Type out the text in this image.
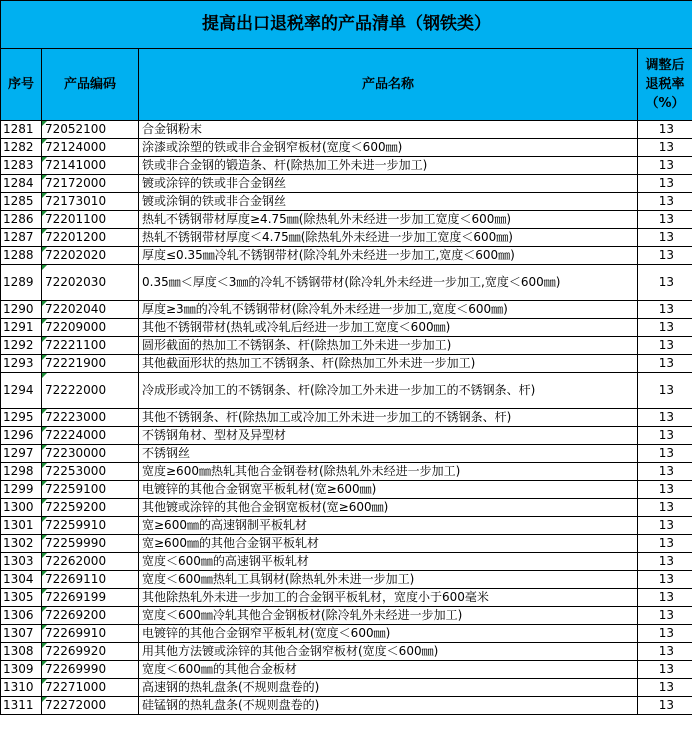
提高出口退税率的产品清单（钢铁类）			
序号	产品编码	产品名称	调整后
退税率
（%）

1281	72052100	合金钢粉末	13
1282	72124000	涂漆或涂塑的铁或非合金钢窄板材(宽度＜600㎜)	13
1283	72141000	铁或非合金钢的锻造条、杆(除热加工外未进一步加工)	13
1284	72172000	镀或涂锌的铁或非合金钢丝	13
1285	72173010	镀或涂铜的铁或非合金钢丝	13
1286	72201100	热轧不锈钢带材厚度≥4.75㎜(除热轧外未经进一步加工宽度＜600㎜)	13
1287	72201200	热轧不锈钢带材厚度＜4.75㎜(除热轧外未经进一步加工宽度＜600㎜)	13
1288	72202020	厚度≤0.35㎜冷轧不锈钢带材(除冷轧外未经进一步加工,宽度＜600㎜)	13
1289	72202030	0.35㎜＜厚度＜3㎜的冷轧不锈钢带材(除冷轧外未经进一步加工,宽度＜600㎜)	13
1290	72202040	厚度≥3㎜的冷轧不锈钢带材(除冷轧外未经进一步加工,宽度＜600㎜)	13
1291	72209000	其他不锈钢带材(热轧或冷轧后经进一步加工宽度＜600㎜)	13
1292	72221100	圆形截面的热加工不锈钢条、杆(除热加工外未进一步加工)	13
1293	72221900	其他截面形状的热加工不锈钢条、杆(除热加工外未进一步加工)	13
1294	72222000	冷成形或冷加工的不锈钢条、杆(除冷加工外未进一步加工的不锈钢条、杆)	13
1295	72223000	其他不锈钢条、杆(除热加工或冷加工外未进一步加工的不锈钢条、杆)	13
1296	72224000	不锈钢角材、型材及异型材	13
1297	72230000	不锈钢丝	13
1298	72253000	宽度≥600㎜热轧其他合金钢卷材(除热轧外未经进一步加工)	13
1299	72259100	电镀锌的其他合金钢宽平板轧材(宽≥600㎜)	13
1300	72259200	其他镀或涂锌的其他合金钢宽板材(宽≥600㎜)	13
1301	72259910	宽≥600㎜的高速钢制平板轧材	13
1302	72259990	宽≥600㎜的其他合金钢平板轧材	13
1303	72262000	宽度＜600㎜的高速钢平板轧材	13
1304	72269110	宽度＜600㎜热轧工具钢材(除热轧外未进一步加工)	13
1305	72269199	其他除热轧外未进一步加工的合金钢平板轧材，宽度小于600毫米	13
1306	72269200	宽度＜600㎜冷轧其他合金钢板材(除冷轧外未经进一步加工)	13
1307	72269910	电镀锌的其他合金钢窄平板轧材(宽度＜600㎜)	13
1308	72269920	用其他方法镀或涂锌的其他合金钢窄板材(宽度＜600㎜)	13
1309	72269990	宽度＜600㎜的其他合金板材	13
1310	72271000	高速钢的热轧盘条(不规则盘卷的)	13
1311	72272000	硅锰钢的热轧盘条(不规则盘卷的)	13
